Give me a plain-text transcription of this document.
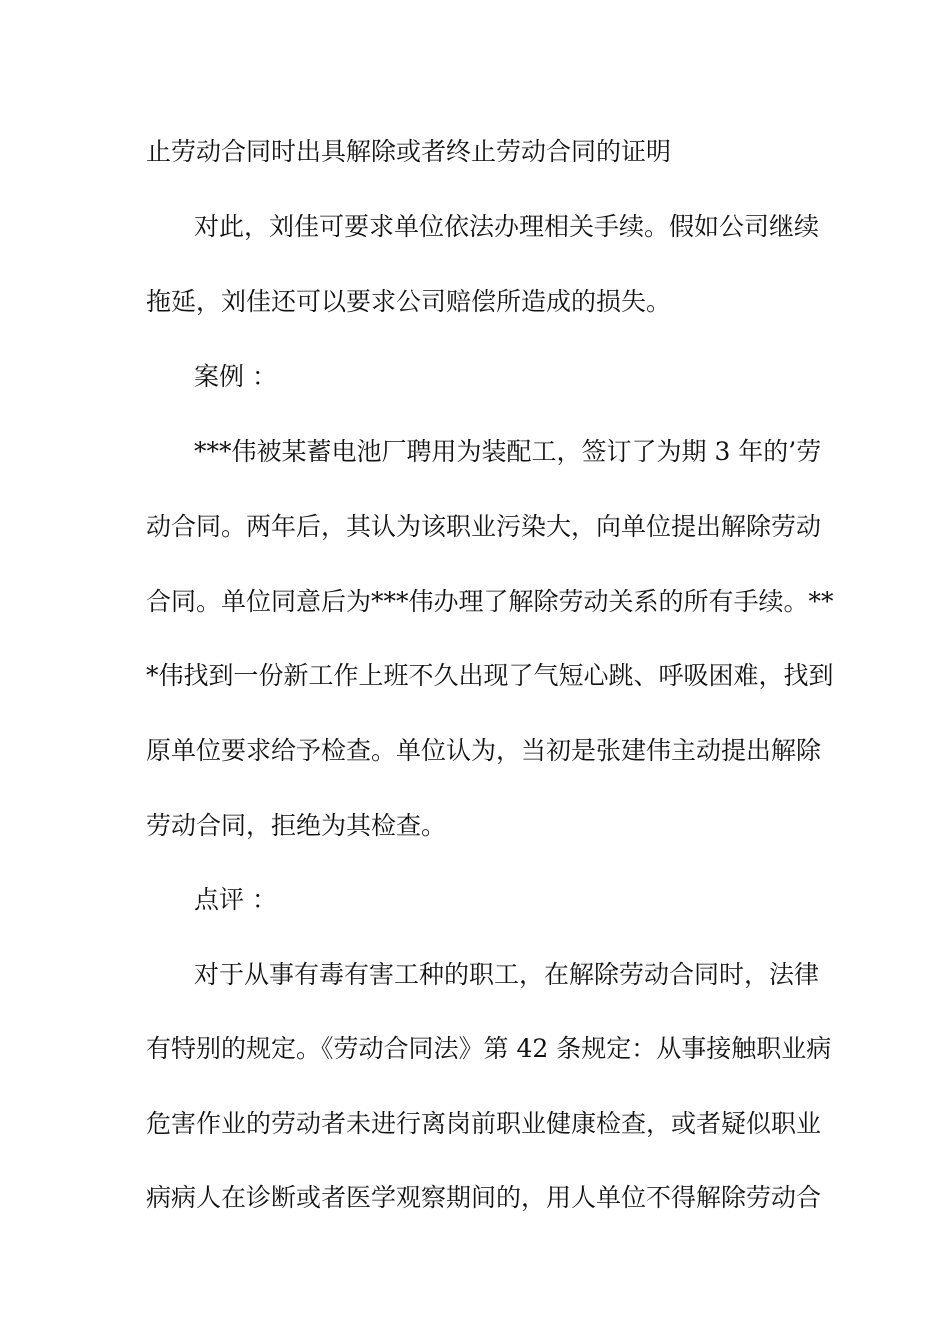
止劳动合同时出具解除或者终止劳动合同的证明
对此，刘佳可要求单位依法办理相关手续。假如公司继续
拖延，刘佳还可以要求公司赔偿所造成的损失。
案例 ：
***伟被某蓄电池厂聘用为装配工，签订了为期 3 年的’劳
动合同。两年后，其认为该职业污染大，向单位提出解除劳动
合同。单位同意后为***伟办理了解除劳动关系的所有手续。**
*伟找到一份新工作上班不久出现了气短心跳、呼吸困难，找到
原单位要求给予检查。单位认为，当初是张建伟主动提出解除
劳动合同，拒绝为其检查。
点评 ：
对于从事有毒有害工种的职工，在解除劳动合同时，法律
有特别的规定。《劳动合同法》第 42 条规定：从事接触职业病
危害作业的劳动者未进行离岗前职业健康检查，或者疑似职业
病病人在诊断或者医学观察期间的，用人单位不得解除劳动合
